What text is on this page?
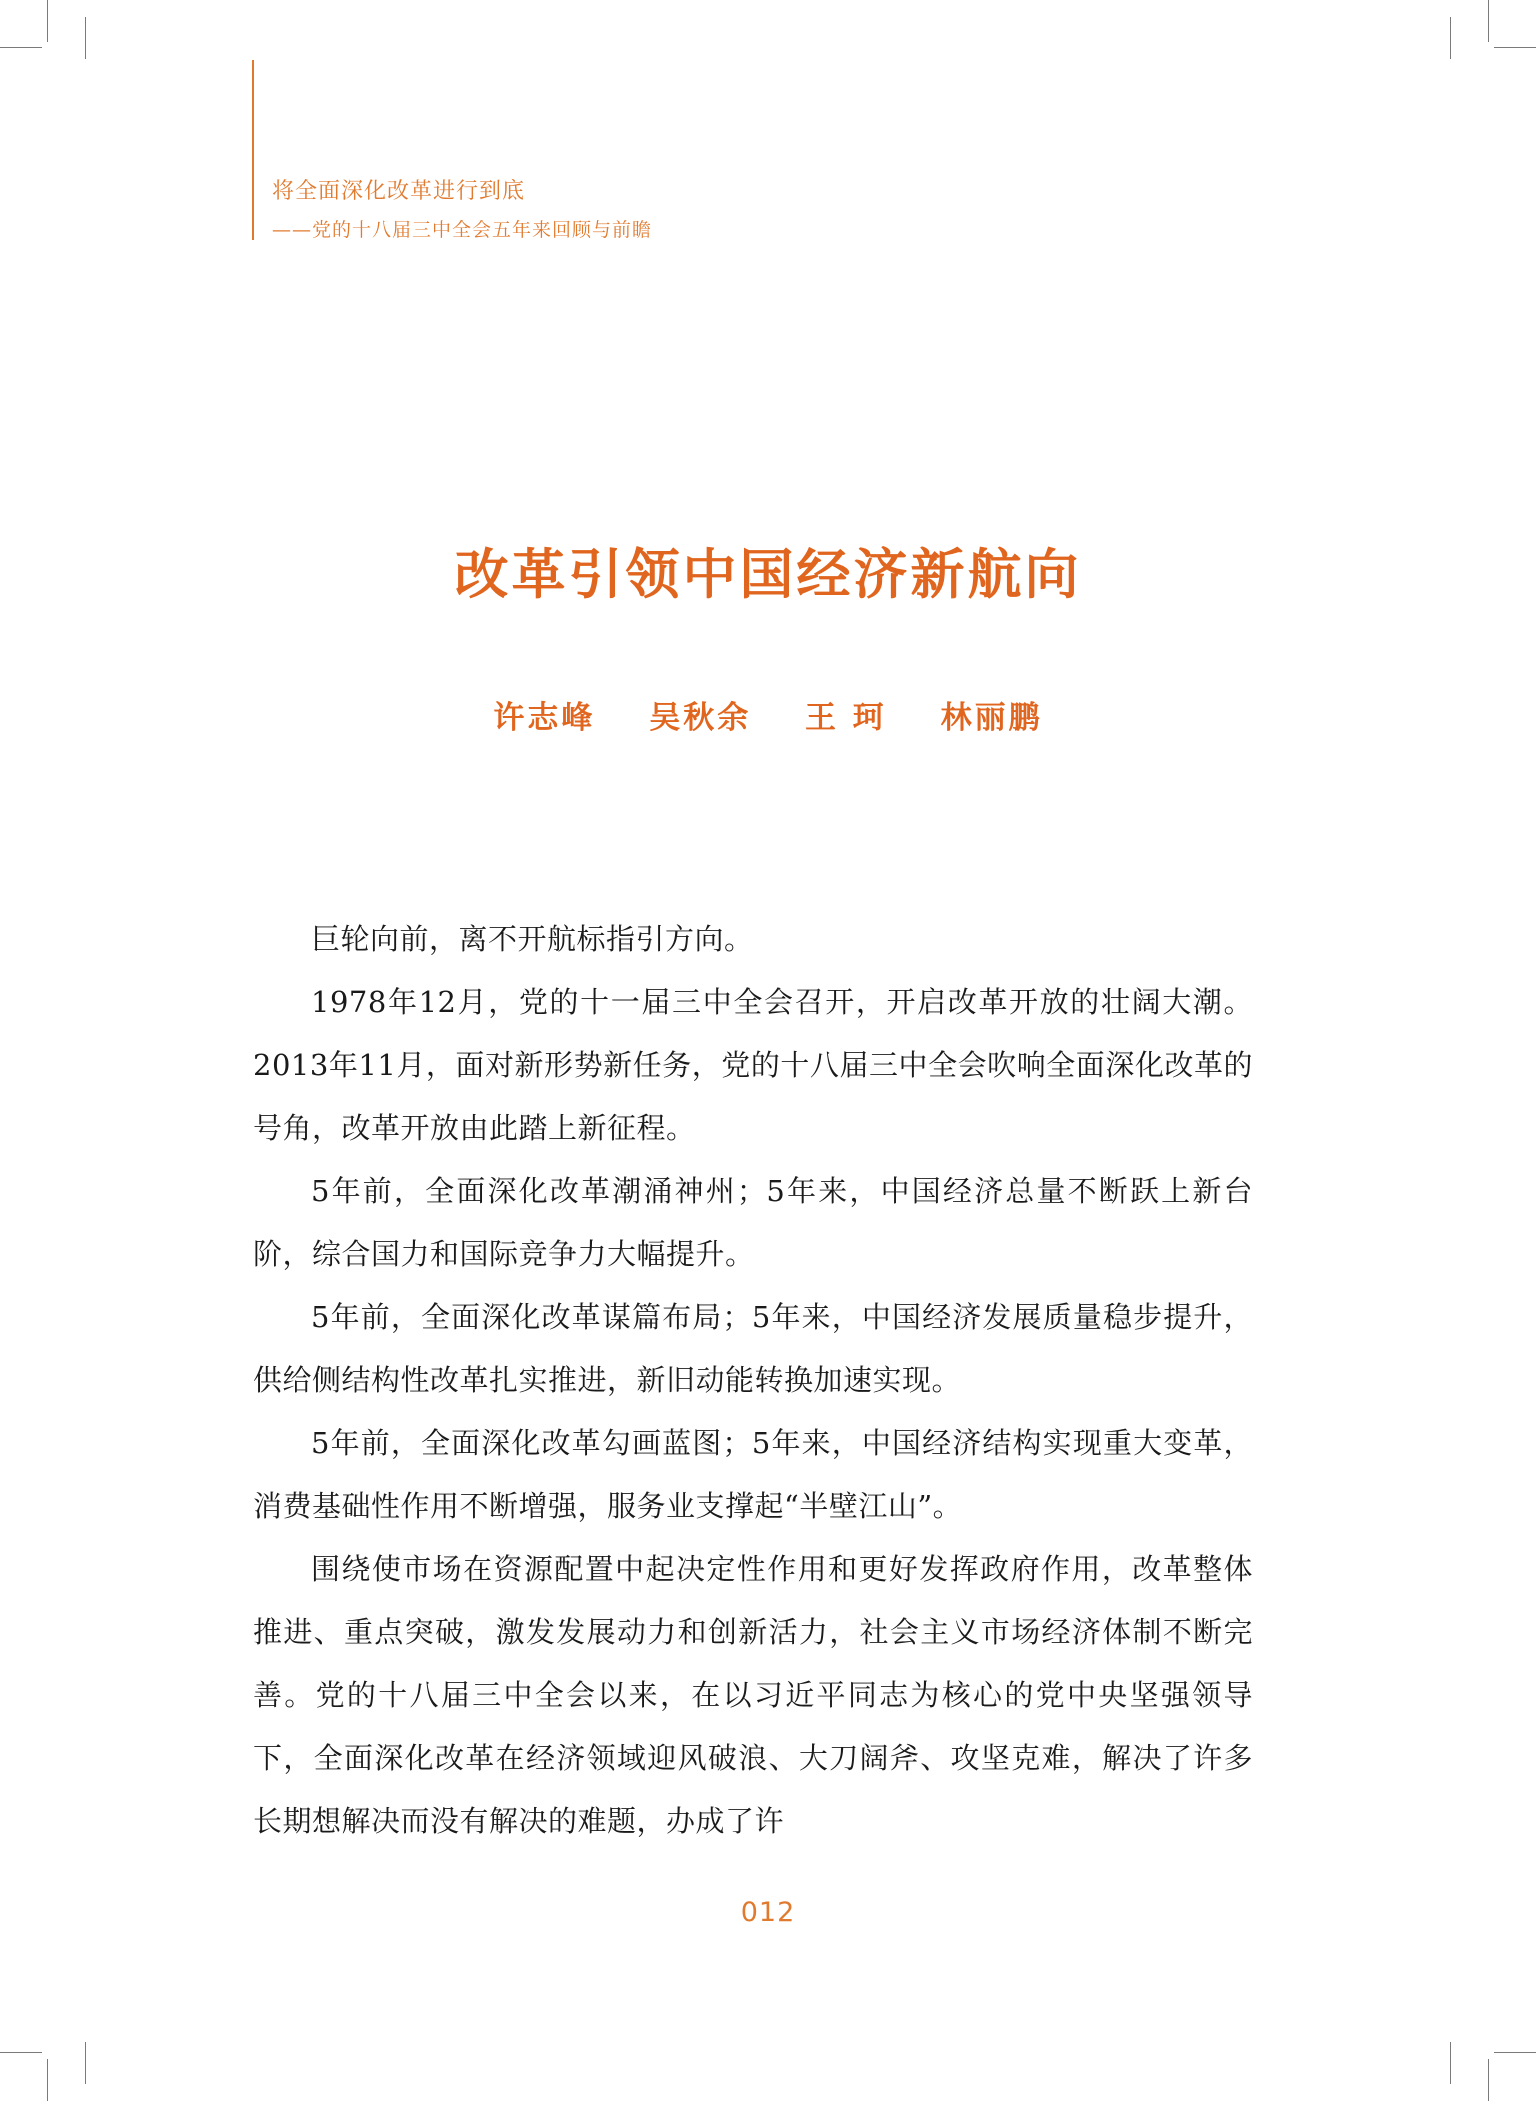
将全面深化改革进行到底
——党的十八届三中全会五年来回顾与前瞻
改革引领中国经济新航向
许志峰 吴秋余 王 珂 林丽鹏

巨轮向前，离不开航标指引方向。

1978年12月，党的十一届三中全会召开，开启改革开放的壮阔大潮。2013年11月，面对新形势新任务，党的十八届三中全会吹响全面深化改革的号角，改革开放由此踏上新征程。

5年前，全面深化改革潮涌神州；5年来，中国经济总量不断跃上新台阶，综合国力和国际竞争力大幅提升。

5年前，全面深化改革谋篇布局；5年来，中国经济发展质量稳步提升，供给侧结构性改革扎实推进，新旧动能转换加速实现。

5年前，全面深化改革勾画蓝图；5年来，中国经济结构实现重大变革，消费基础性作用不断增强，服务业支撑起“半壁江山”。

围绕使市场在资源配置中起决定性作用和更好发挥政府作用，改革整体推进、重点突破，激发发展动力和创新活力，社会主义市场经济体制不断完善。党的十八届三中全会以来，在以习近平同志为核心的党中央坚强领导下，全面深化改革在经济领域迎风破浪、大刀阔斧、攻坚克难，解决了许多长期想解决而没有解决的难题，办成了许

012
